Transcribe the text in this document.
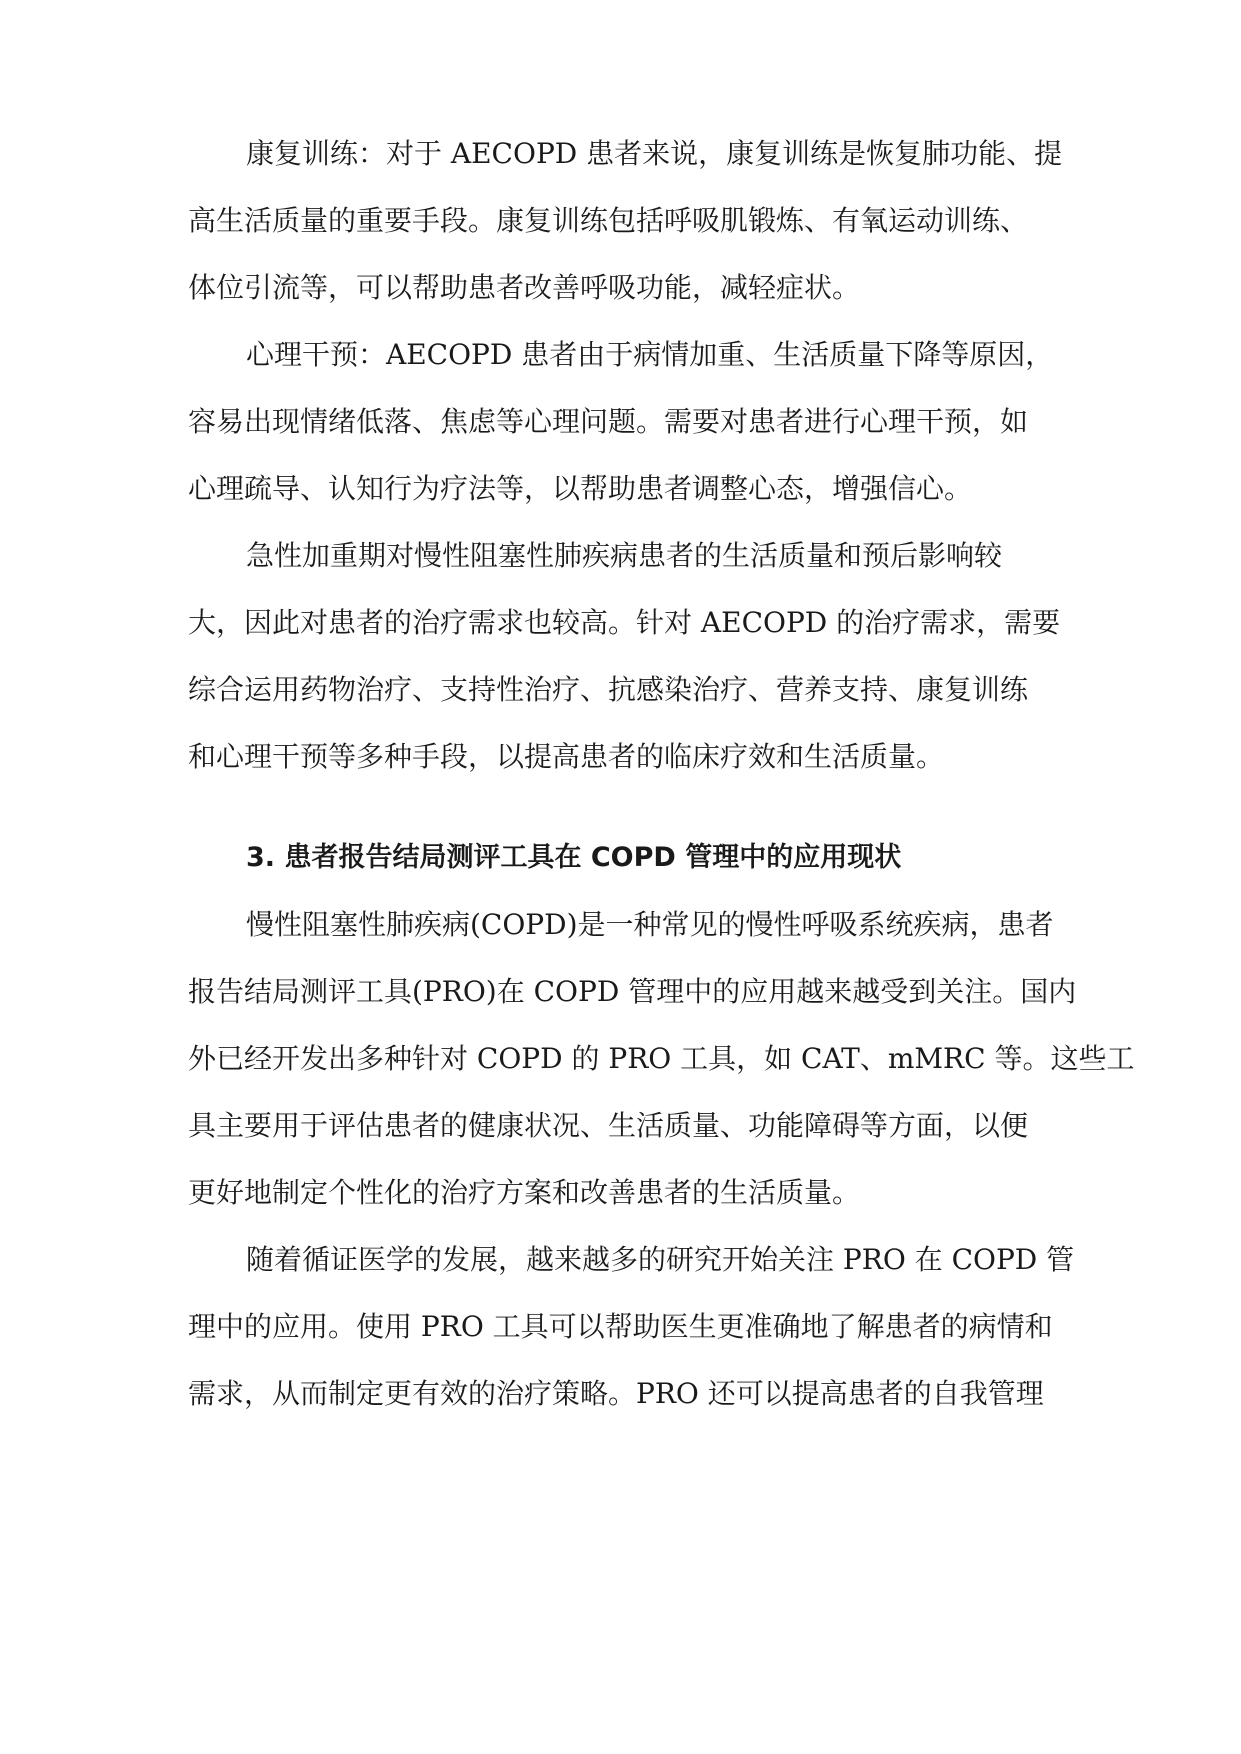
康复训练：对于 AECOPD 患者来说，康复训练是恢复肺功能、提
高生活质量的重要手段。康复训练包括呼吸肌锻炼、有氧运动训练、
体位引流等，可以帮助患者改善呼吸功能，减轻症状。
心理干预：AECOPD 患者由于病情加重、生活质量下降等原因，
容易出现情绪低落、焦虑等心理问题。需要对患者进行心理干预，如
心理疏导、认知行为疗法等，以帮助患者调整心态，增强信心。
急性加重期对慢性阻塞性肺疾病患者的生活质量和预后影响较
大，因此对患者的治疗需求也较高。针对 AECOPD 的治疗需求，需要
综合运用药物治疗、支持性治疗、抗感染治疗、营养支持、康复训练
和心理干预等多种手段，以提高患者的临床疗效和生活质量。
3. 患者报告结局测评工具在 COPD 管理中的应用现状
慢性阻塞性肺疾病(COPD)是一种常见的慢性呼吸系统疾病，患者
报告结局测评工具(PRO)在 COPD 管理中的应用越来越受到关注。国内
外已经开发出多种针对 COPD 的 PRO 工具，如 CAT、mMRC 等。这些工
具主要用于评估患者的健康状况、生活质量、功能障碍等方面，以便
更好地制定个性化的治疗方案和改善患者的生活质量。
随着循证医学的发展，越来越多的研究开始关注 PRO 在 COPD 管
理中的应用。使用 PRO 工具可以帮助医生更准确地了解患者的病情和
需求，从而制定更有效的治疗策略。PRO 还可以提高患者的自我管理
